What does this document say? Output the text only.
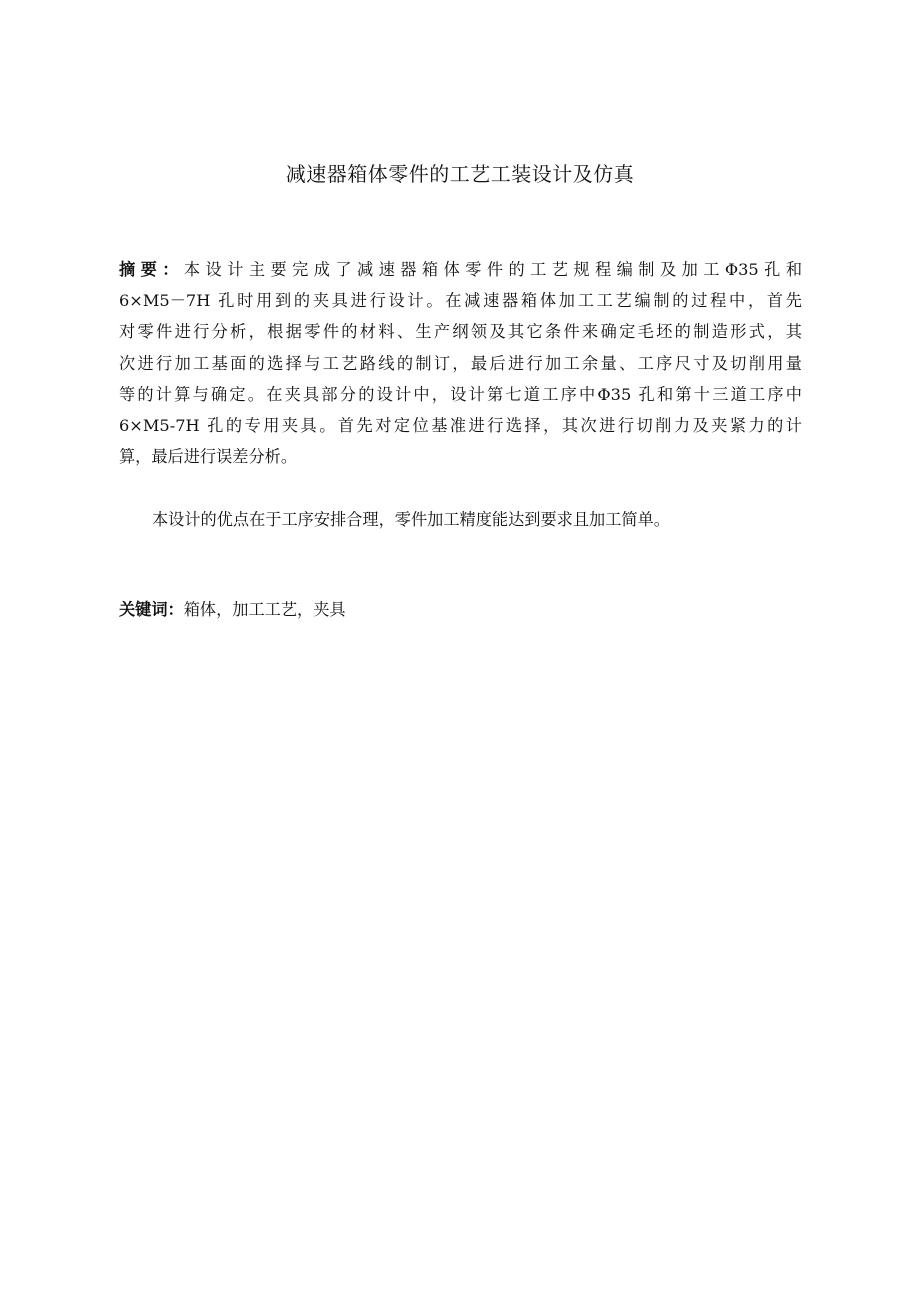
减速器箱体零件的工艺工装设计及仿真
摘要：本设计主要完成了减速器箱体零件的工艺规程编制及加工Φ35孔和
6×M5－7H 孔时用到的夹具进行设计。在减速器箱体加工工艺编制的过程中，首先
对零件进行分析，根据零件的材料、生产纲领及其它条件来确定毛坯的制造形式，其
次进行加工基面的选择与工艺路线的制订，最后进行加工余量、工序尺寸及切削用量
等的计算与确定。在夹具部分的设计中，设计第七道工序中Φ35 孔和第十三道工序中
6×M5-7H 孔的专用夹具。首先对定位基准进行选择，其次进行切削力及夹紧力的计
算，最后进行误差分析。
本设计的优点在于工序安排合理，零件加工精度能达到要求且加工简单。
关键词：箱体，加工工艺，夹具
